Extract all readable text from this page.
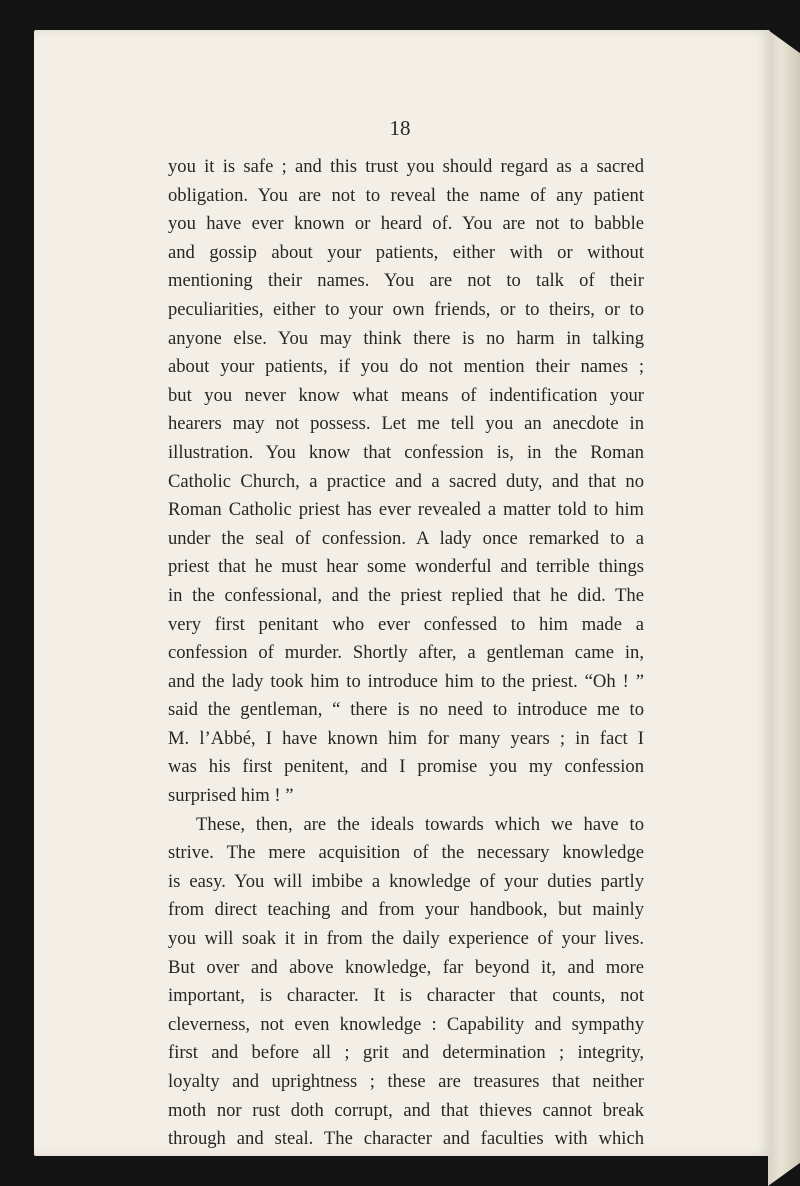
18

you it is safe ; and this trust you should regard as a sacred
obligation. You are not to reveal the name of any patient
you have ever known or heard of. You are not to babble
and gossip about your patients, either with or without
mentioning their names. You are not to talk of their
peculiarities, either to your own friends, or to theirs, or to
anyone else. You may think there is no harm in talking
about your patients, if you do not mention their names ;
but you never know what means of indentification your
hearers may not possess. Let me tell you an anecdote in
illustration. You know that confession is, in the Roman
Catholic Church, a practice and a sacred duty, and that no
Roman Catholic priest has ever revealed a matter told to him
under the seal of confession. A lady once remarked to a
priest that he must hear some wonderful and terrible things
in the confessional, and the priest replied that he did. The
very first penitant who ever confessed to him made a
confession of murder. Shortly after, a gentleman came in,
and the lady took him to introduce him to the priest. “Oh ! ”
said the gentleman, “ there is no need to introduce me to
M. l’Abbé, I have known him for many years ; in fact I
was his first penitent, and I promise you my confession
surprised him ! ”
These, then, are the ideals towards which we have to
strive. The mere acquisition of the necessary knowledge
is easy. You will imbibe a knowledge of your duties partly
from direct teaching and from your handbook, but mainly
you will soak it in from the daily experience of your lives.
But over and above knowledge, far beyond it, and more
important, is character. It is character that counts, not
cleverness, not even knowledge : Capability and sympathy
first and before all ; grit and determination ; integrity,
loyalty and uprightness ; these are treasures that neither
moth nor rust doth corrupt, and that thieves cannot break
through and steal. The character and faculties with which
